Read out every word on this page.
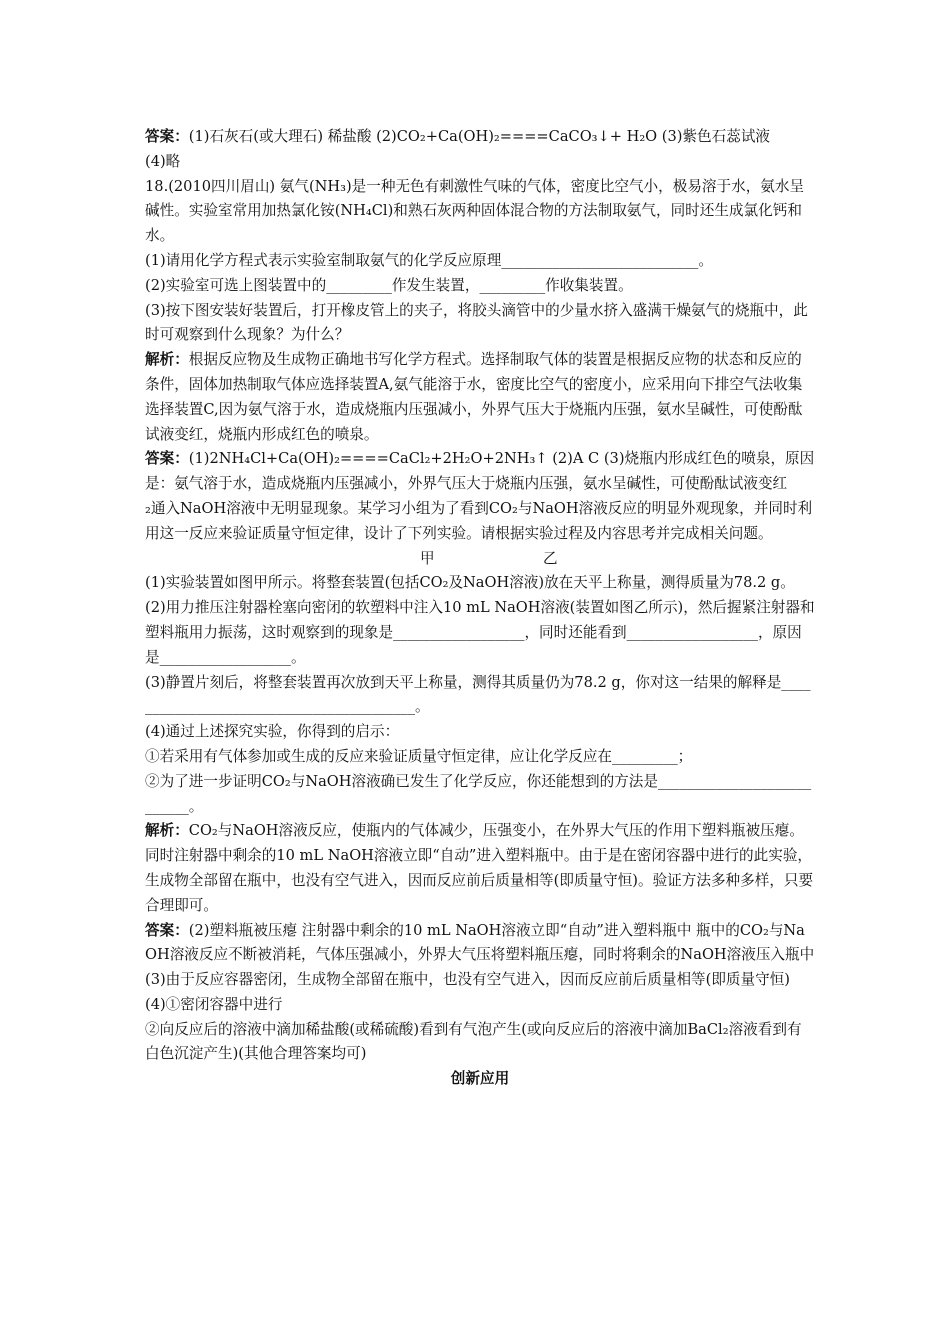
答案：(1)石灰石(或大理石) 稀盐酸 (2)CO₂+Ca(OH)₂====CaCO₃↓+ H₂O (3)紫色石蕊试液

(4)略

18.(2010四川眉山) 氨气(NH₃)是一种无色有刺激性气味的气体，密度比空气小，极易溶于水，氨水呈碱性。实验室常用加热氯化铵(NH₄Cl)和熟石灰两种固体混合物的方法制取氨气，同时还生成氯化钙和水。

(1)请用化学方程式表示实验室制取氨气的化学反应原理___________________________。

(2)实验室可选上图装置中的_________作发生装置，_________作收集装置。

(3)按下图安装好装置后，打开橡皮管上的夹子，将胶头滴管中的少量水挤入盛满干燥氨气的烧瓶中，此时可观察到什么现象？为什么？

解析：根据反应物及生成物正确地书写化学方程式。选择制取气体的装置是根据反应物的状态和反应的条件，固体加热制取气体应选择装置A,氨气能溶于水，密度比空气的密度小，应采用向下排空气法收集选择装置C,因为氨气溶于水，造成烧瓶内压强减小，外界气压大于烧瓶内压强，氨水呈碱性，可使酚酞试液变红，烧瓶内形成红色的喷泉。

答案：(1)2NH₄Cl+Ca(OH)₂====CaCl₂+2H₂O+2NH₃↑ (2)A C (3)烧瓶内形成红色的喷泉，原因是：氨气溶于水，造成烧瓶内压强减小，外界气压大于烧瓶内压强，氨水呈碱性，可使酚酞试液变红

₂通入NaOH溶液中无明显现象。某学习小组为了看到CO₂与NaOH溶液反应的明显外观现象，并同时利用这一反应来验证质量守恒定律，设计了下列实验。请根据实验过程及内容思考并完成相关问题。

甲	乙

(1)实验装置如图甲所示。将整套装置(包括CO₂及NaOH溶液)放在天平上称量，测得质量为78.2 g。

(2)用力推压注射器栓塞向密闭的软塑料中注入10 mL NaOH溶液(装置如图乙所示)，然后握紧注射器和塑料瓶用力振荡，这时观察到的现象是__________________，同时还能看到__________________，原因是__________________。

(3)静置片刻后，将整套装置再次放到天平上称量，测得其质量仍为78.2 g，你对这一结果的解释是_________________________________________。

(4)通过上述探究实验，你得到的启示：

①若采用有气体参加或生成的反应来验证质量守恒定律，应让化学反应在_________；

②为了进一步证明CO₂与NaOH溶液确已发生了化学反应，你还能想到的方法是___________________________。

解析：CO₂与NaOH溶液反应，使瓶内的气体减少，压强变小，在外界大气压的作用下塑料瓶被压瘪。同时注射器中剩余的10 mL NaOH溶液立即“自动”进入塑料瓶中。由于是在密闭容器中进行的此实验，生成物全部留在瓶中，也没有空气进入，因而反应前后质量相等(即质量守恒)。验证方法多种多样，只要合理即可。

答案：(2)塑料瓶被压瘪 注射器中剩余的10 mL NaOH溶液立即“自动”进入塑料瓶中 瓶中的CO₂与NaOH溶液反应不断被消耗，气体压强减小，外界大气压将塑料瓶压瘪，同时将剩余的NaOH溶液压入瓶中

(3)由于反应容器密闭，生成物全部留在瓶中，也没有空气进入，因而反应前后质量相等(即质量守恒)

(4)①密闭容器中进行

②向反应后的溶液中滴加稀盐酸(或稀硫酸)看到有气泡产生(或向反应后的溶液中滴加BaCl₂溶液看到有白色沉淀产生)(其他合理答案均可)

创新应用
